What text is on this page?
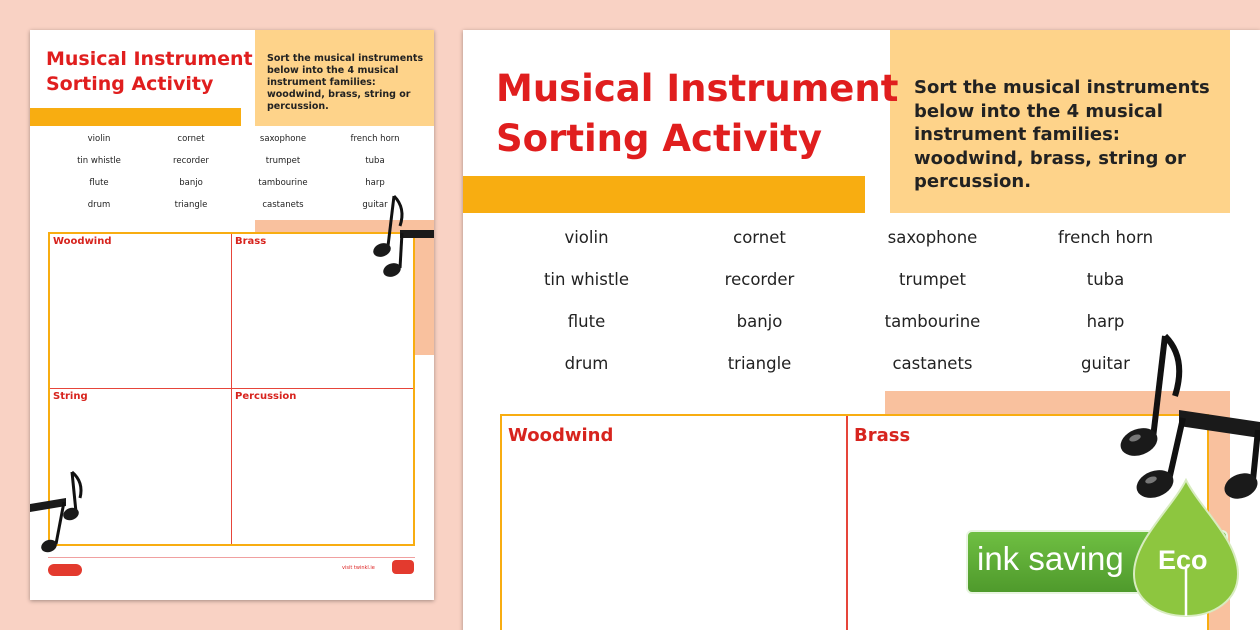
Musical Instrument
Sorting Activity
Sort the musical instruments below into the 4 musical instrument families: woodwind, brass, string or percussion.
violin	cornet	saxophone	french horn
tin whistle	recorder	trumpet	tuba
flute	banjo	tambourine	harp
drum	triangle	castanets	guitar
Woodwind	Brass
String	Percussion
visit twinkl.ie
Musical Instrument
Sorting Activity
Sort the musical instruments below into the 4 musical instrument families: woodwind, brass, string or percussion.
violin	cornet	saxophone	french horn
tin whistle	recorder	trumpet	tuba
flute	banjo	tambourine	harp
drum	triangle	castanets	guitar
Woodwind	Brass
ink saving Eco
